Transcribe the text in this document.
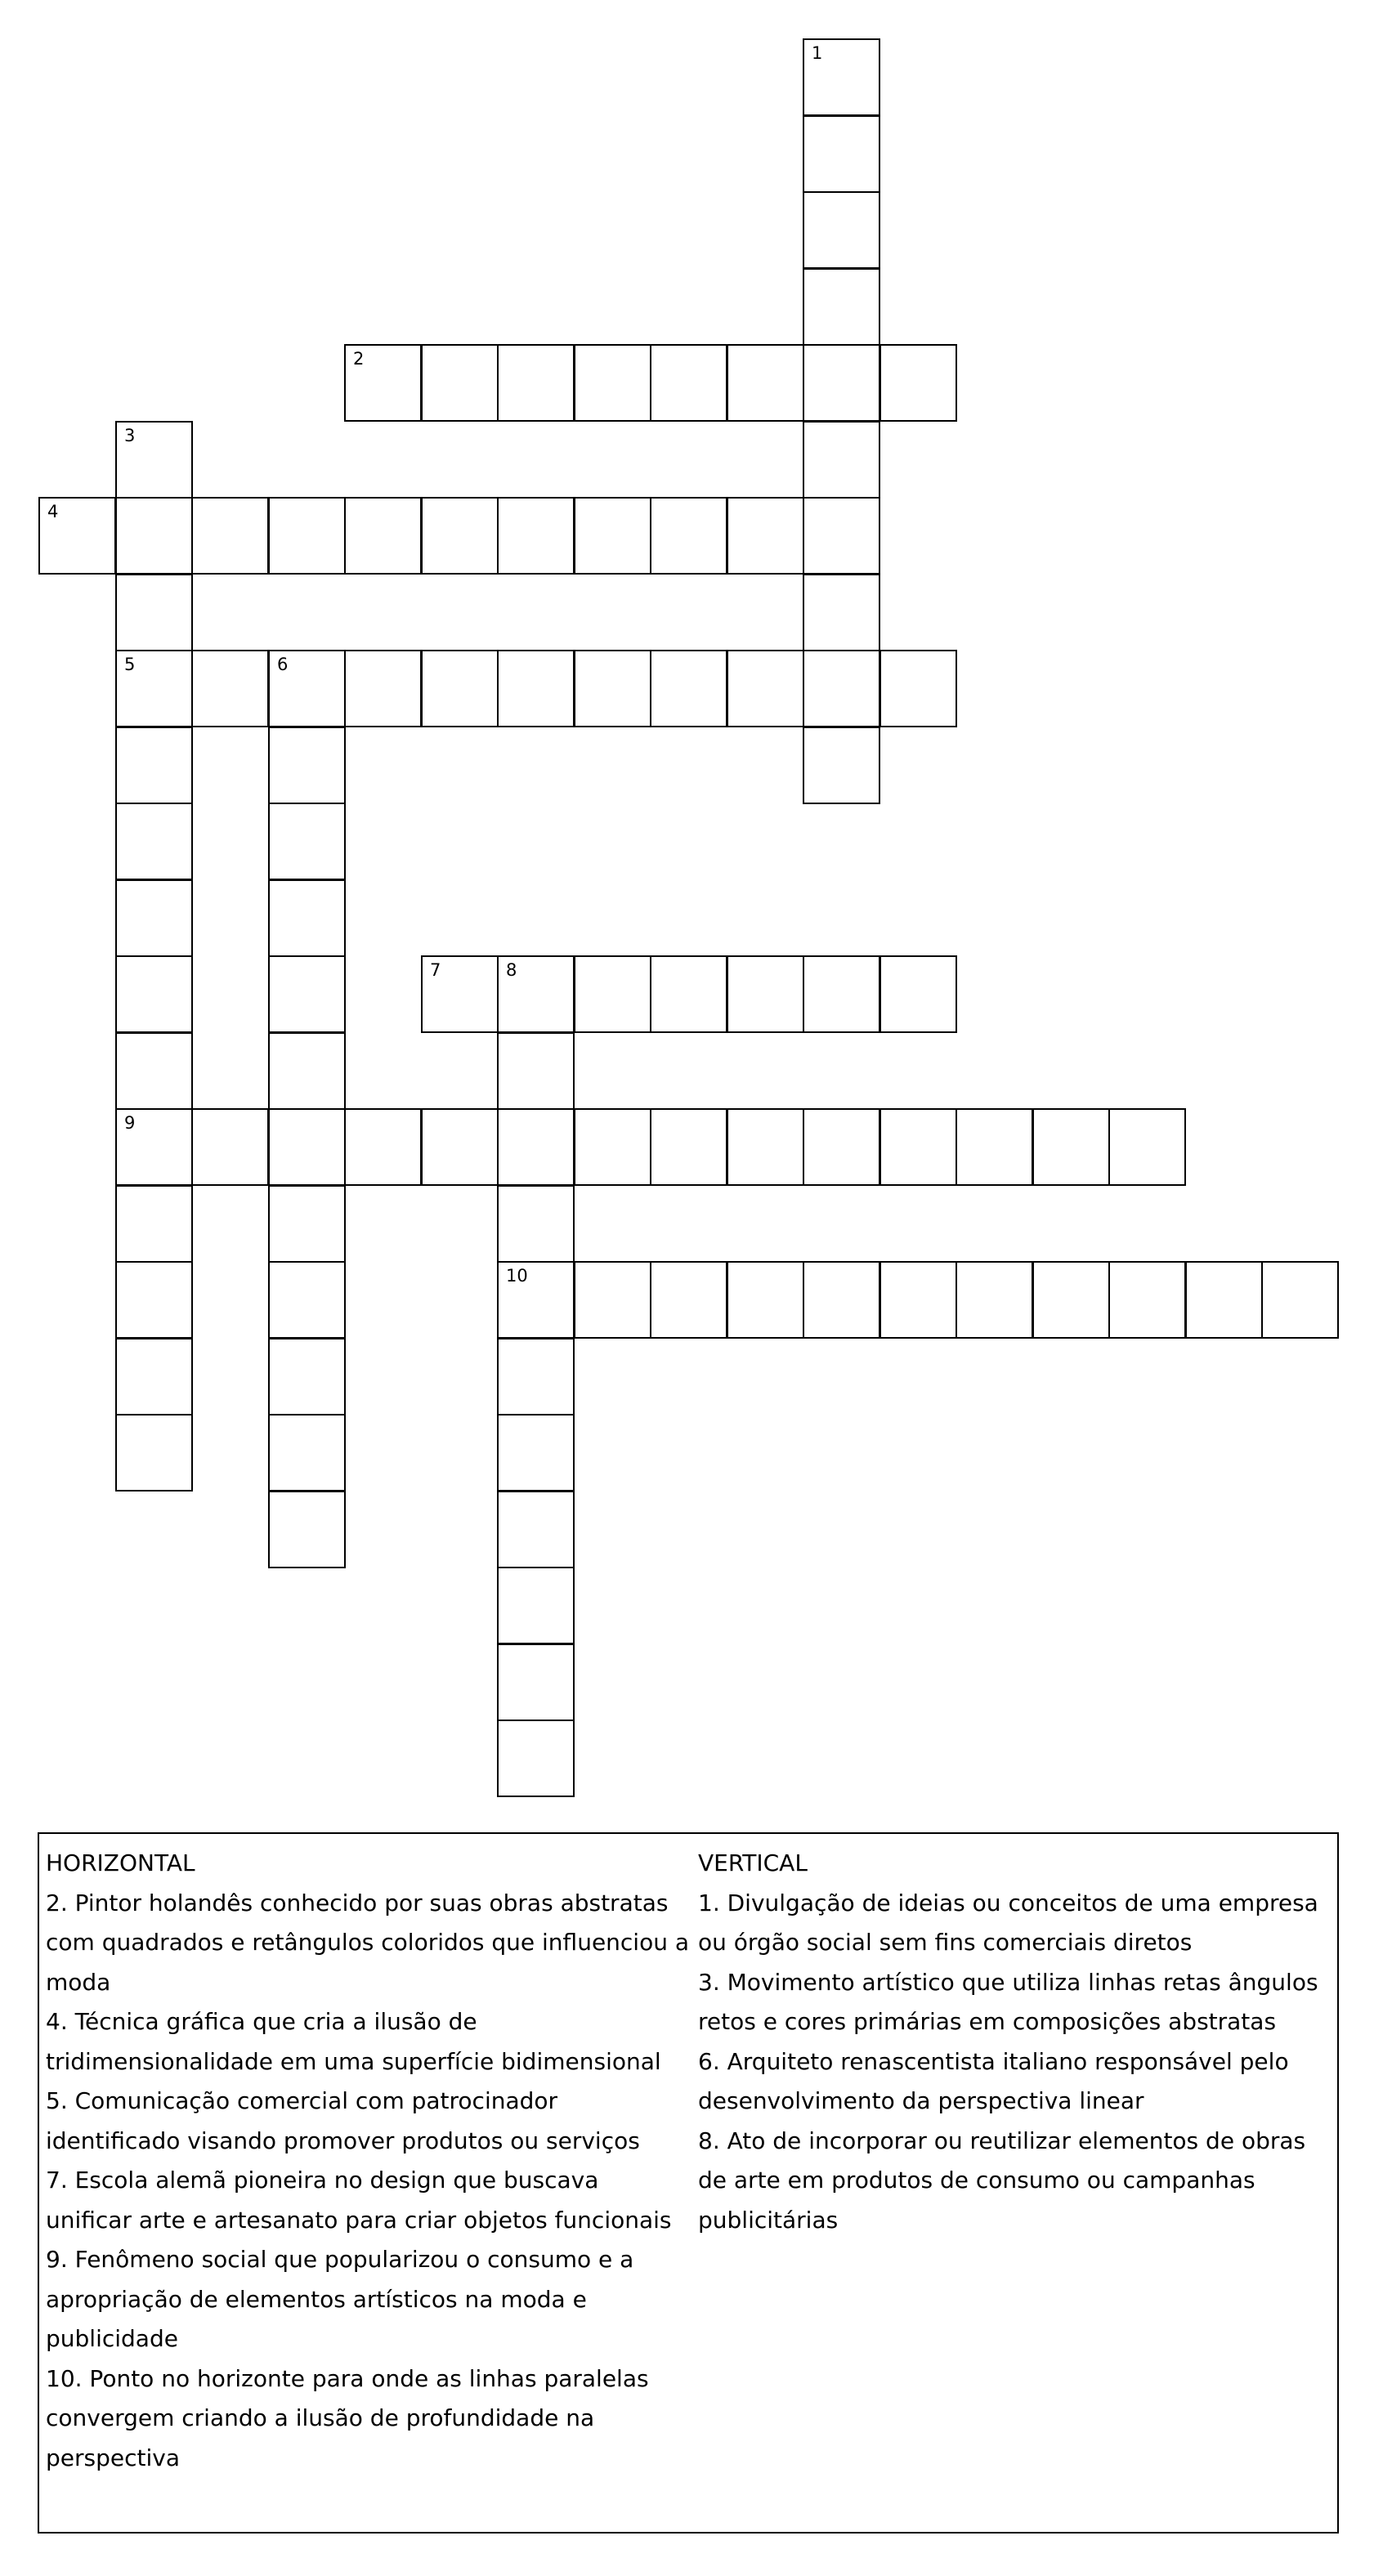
1
2
3
5
9
4
6
7	8
10

HORIZONTAL

2. Pintor holandês conhecido por suas obras abstratas com quadrados e retângulos coloridos que influenciou a moda

4. Técnica gráfica que cria a ilusão de tridimensionalidade em uma superfície bidimensional

5. Comunicação comercial com patrocinador identificado visando promover produtos ou serviços

7. Escola alemã pioneira no design que buscava unificar arte e artesanato para criar objetos funcionais

9. Fenômeno social que popularizou o consumo e a apropriação de elementos artísticos na moda e publicidade

10. Ponto no horizonte para onde as linhas paralelas convergem criando a ilusão de profundidade na perspectiva

VERTICAL

1. Divulgação de ideias ou conceitos de uma empresa ou órgão social sem fins comerciais diretos

3. Movimento artístico que utiliza linhas retas ângulos retos e cores primárias em composições abstratas

6. Arquiteto renascentista italiano responsável pelo desenvolvimento da perspectiva linear

8. Ato de incorporar ou reutilizar elementos de obras de arte em produtos de consumo ou campanhas publicitárias
